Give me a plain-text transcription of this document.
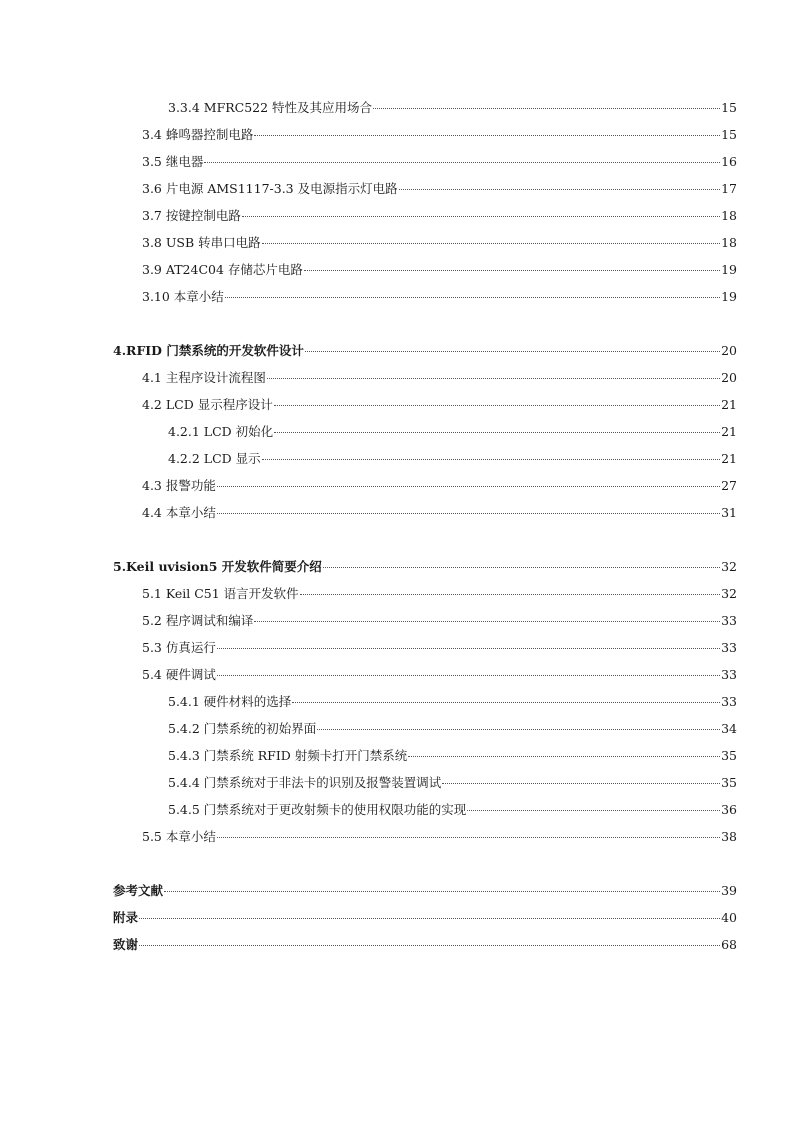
3.3.4 MFRC522 特性及其应用场合	15
3.4 蜂鸣器控制电路	15
3.5 继电器	16
3.6 片电源 AMS1117-3.3 及电源指示灯电路	17
3.7 按键控制电路	18
3.8 USB 转串口电路	18
3.9 AT24C04 存储芯片电路	19
3.10 本章小结	19
4.RFID 门禁系统的开发软件设计	20
4.1 主程序设计流程图	20
4.2 LCD 显示程序设计	21
4.2.1 LCD 初始化	21
4.2.2 LCD 显示	21
4.3 报警功能	27
4.4 本章小结	31
5.Keil uvision5 开发软件简要介绍	32
5.1 Keil C51 语言开发软件	32
5.2 程序调试和编译	33
5.3 仿真运行	33
5.4 硬件调试	33
5.4.1 硬件材料的选择	33
5.4.2 门禁系统的初始界面	34
5.4.3 门禁系统 RFID 射频卡打开门禁系统	35
5.4.4 门禁系统对于非法卡的识别及报警装置调试	35
5.4.5 门禁系统对于更改射频卡的使用权限功能的实现	36
5.5 本章小结	38
参考文献	39
附录	40
致谢	68
